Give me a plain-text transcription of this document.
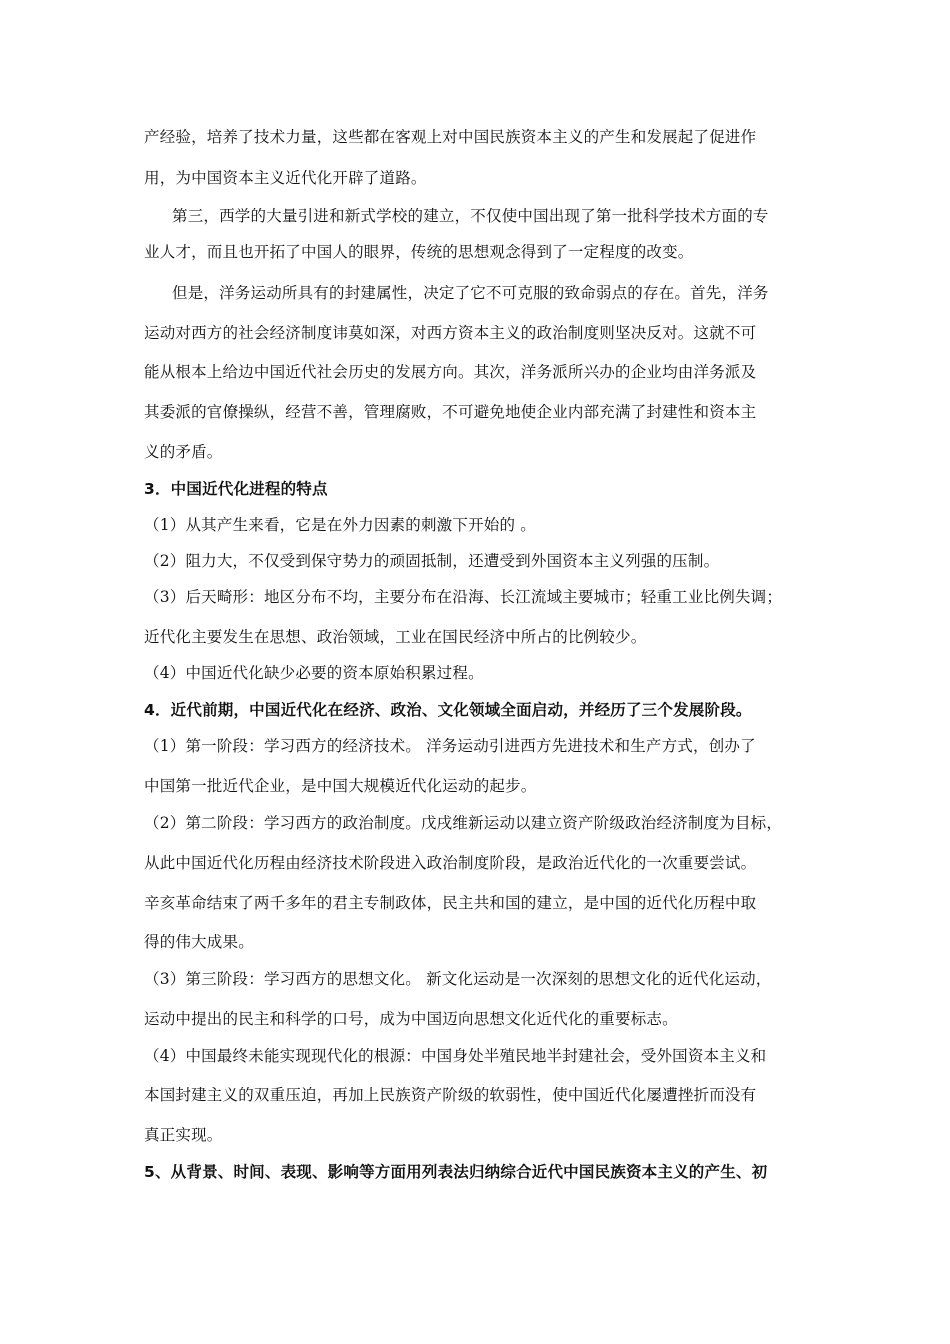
产经验，培养了技术力量，这些都在客观上对中国民族资本主义的产生和发展起了促进作
用，为中国资本主义近代化开辟了道路。
第三，西学的大量引进和新式学校的建立，不仅使中国出现了第一批科学技术方面的专
业人才，而且也开拓了中国人的眼界，传统的思想观念得到了一定程度的改变。
但是，洋务运动所具有的封建属性，决定了它不可克服的致命弱点的存在。首先，洋务
运动对西方的社会经济制度讳莫如深，对西方资本主义的政治制度则坚决反对。这就不可
能从根本上给边中国近代社会历史的发展方向。其次，洋务派所兴办的企业均由洋务派及
其委派的官僚操纵，经营不善，管理腐败，不可避免地使企业内部充满了封建性和资本主
义的矛盾。
3．中国近代化进程的特点
（1）从其产生来看，它是在外力因素的刺激下开始的 。
（2）阻力大，不仅受到保守势力的顽固抵制，还遭受到外国资本主义列强的压制。
（3）后天畸形：地区分布不均，主要分布在沿海、长江流域主要城市；轻重工业比例失调；
近代化主要发生在思想、政治领域，工业在国民经济中所占的比例较少。
（4）中国近代化缺少必要的资本原始积累过程。
4．近代前期，中国近代化在经济、政治、文化领域全面启动，并经历了三个发展阶段。
（1）第一阶段：学习西方的经济技术。 洋务运动引进西方先进技术和生产方式，创办了
中国第一批近代企业，是中国大规模近代化运动的起步。
（2）第二阶段：学习西方的政治制度。戊戌维新运动以建立资产阶级政治经济制度为目标，
从此中国近代化历程由经济技术阶段进入政治制度阶段，是政治近代化的一次重要尝试。
辛亥革命结束了两千多年的君主专制政体，民主共和国的建立，是中国的近代化历程中取
得的伟大成果。
（3）第三阶段：学习西方的思想文化。 新文化运动是一次深刻的思想文化的近代化运动，
运动中提出的民主和科学的口号，成为中国迈向思想文化近代化的重要标志。
（4）中国最终未能实现现代化的根源：中国身处半殖民地半封建社会，受外国资本主义和
本国封建主义的双重压迫，再加上民族资产阶级的软弱性，使中国近代化屡遭挫折而没有
真正实现。
5、从背景、时间、表现、影响等方面用列表法归纳综合近代中国民族资本主义的产生、初
